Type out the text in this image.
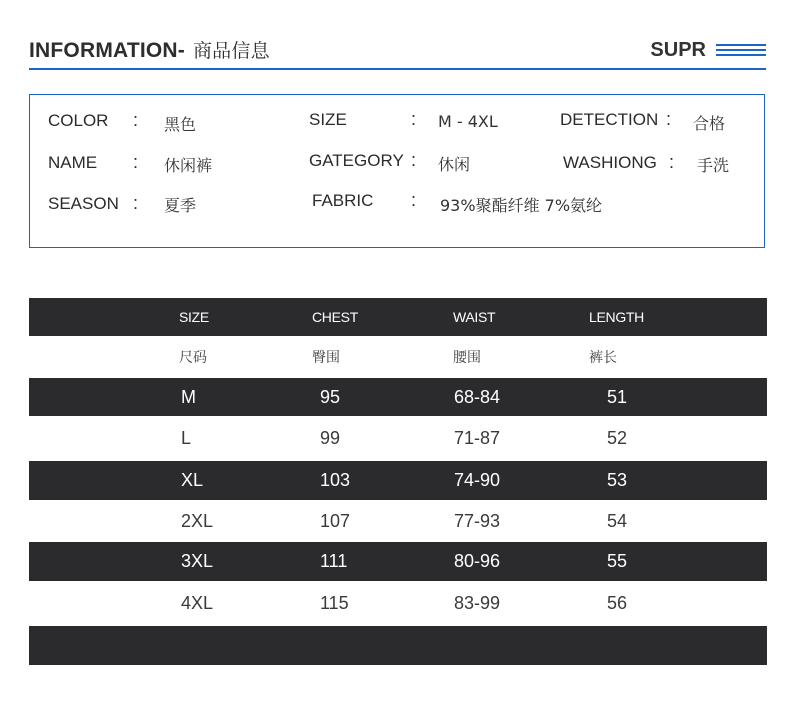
INFORMATION- 商品信息	SUPR
COLOR : 黑色	SIZE	: M - 4XL	DETECTION : 合格
NAME : 休闲裤	GATEGORY : 休闲	WASHIONG : 手洗
SEASON : 夏季	FABRIC : 93%聚酯纤维 7%氨纶
SIZE	CHEST	WAIST	LENGTH
尺码	臀围	腰围	裤长
M	95	68-84	51
L	99	71-87	52
XL	103	74-90	53
2XL	107	77-93	54
3XL	111	80-96	55
4XL	115	83-99	56
